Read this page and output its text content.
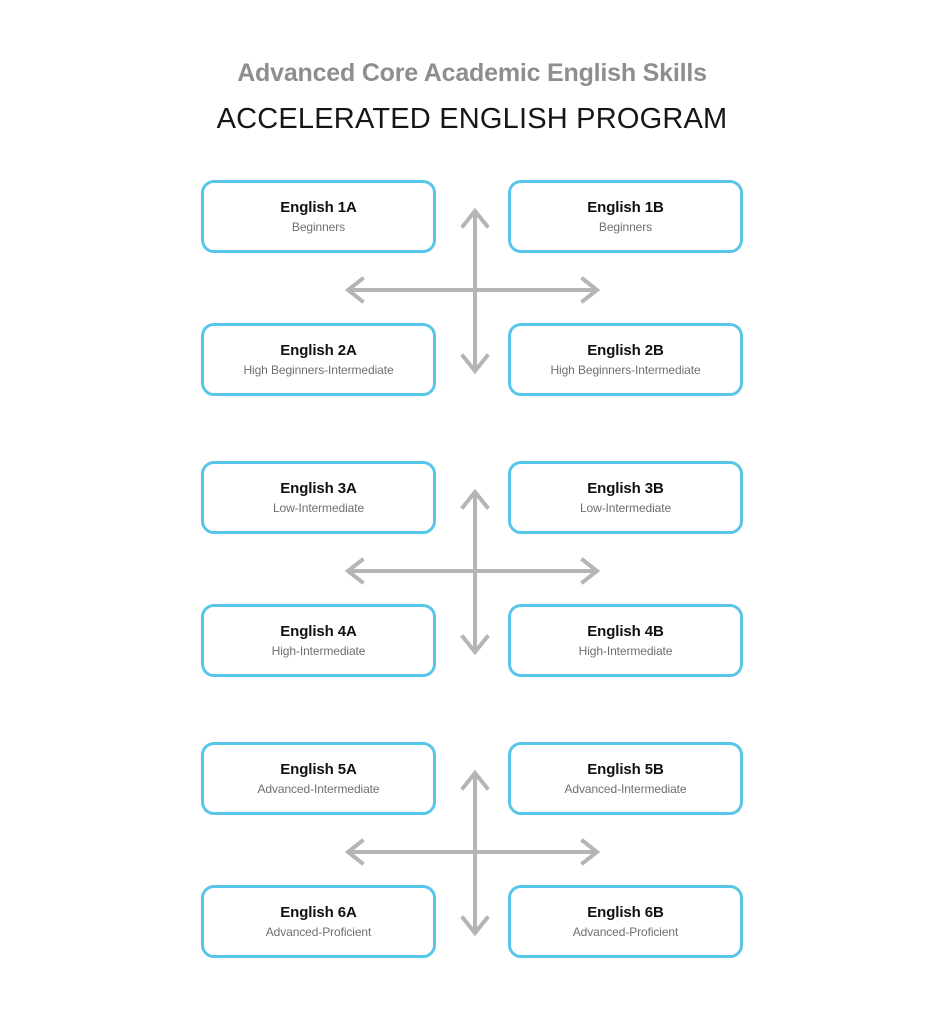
Advanced Core Academic English Skills
ACCELERATED ENGLISH PROGRAM
English 1A
Beginners
English 1B
Beginners
English 2A
High Beginners-Intermediate
English 2B
High Beginners-Intermediate
English 3A
Low-Intermediate
English 3B
Low-Intermediate
English 4A
High-Intermediate
English 4B
High-Intermediate
English 5A
Advanced-Intermediate
English 5B
Advanced-Intermediate
English 6A
Advanced-Proficient
English 6B
Advanced-Proficient
